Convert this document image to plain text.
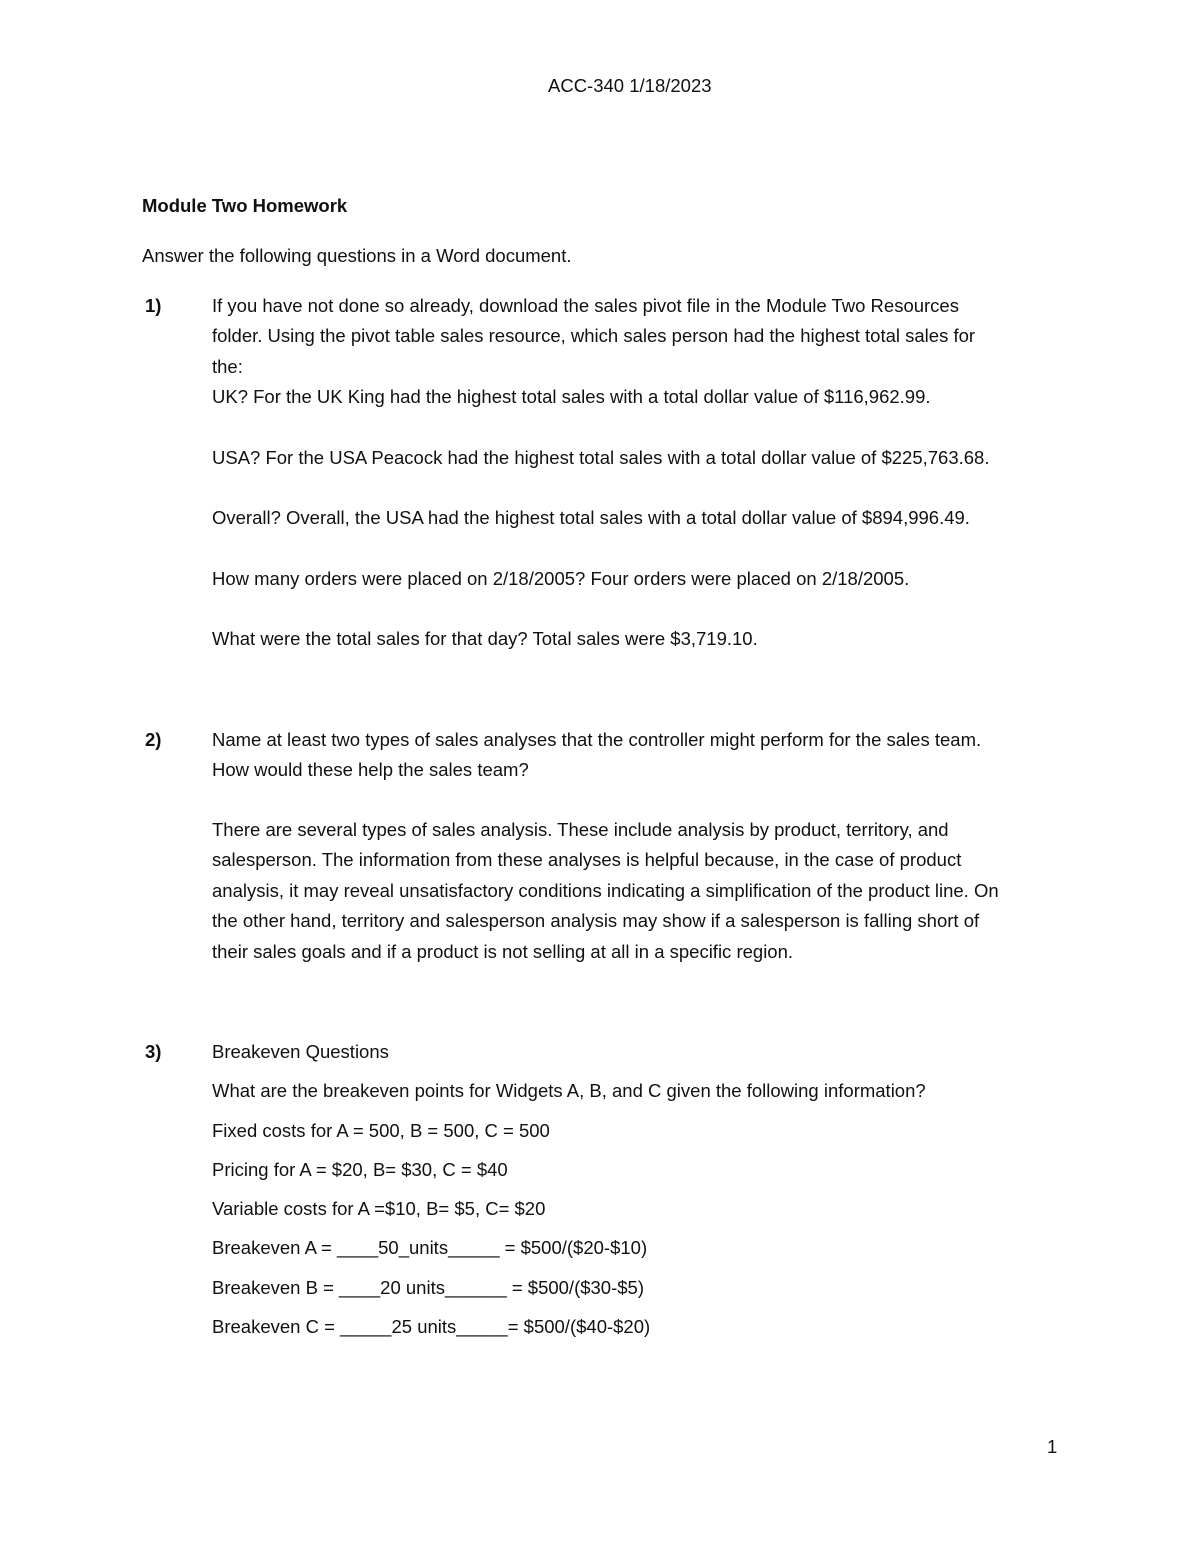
ACC-340 1/18/2023
Module Two Homework
Answer the following questions in a Word document.
1)	If you have not done so already, download the sales pivot file in the Module Two Resources
folder. Using the pivot table sales resource, which sales person had the highest total sales for
the:
UK? For the UK King had the highest total sales with a total dollar value of $116,962.99.
USA? For the USA Peacock had the highest total sales with a total dollar value of $225,763.68.
Overall? Overall, the USA had the highest total sales with a total dollar value of $894,996.49.
How many orders were placed on 2/18/2005? Four orders were placed on 2/18/2005.
What were the total sales for that day? Total sales were $3,719.10.
2)	Name at least two types of sales analyses that the controller might perform for the sales team.
How would these help the sales team?
There are several types of sales analysis. These include analysis by product, territory, and
salesperson. The information from these analyses is helpful because, in the case of product
analysis, it may reveal unsatisfactory conditions indicating a simplification of the product line. On
the other hand, territory and salesperson analysis may show if a salesperson is falling short of
their sales goals and if a product is not selling at all in a specific region.
3)	Breakeven Questions
What are the breakeven points for Widgets A, B, and C given the following information?
Fixed costs for A = 500, B = 500, C = 500
Pricing for A = $20, B= $30, C = $40
Variable costs for A =$10, B= $5, C= $20
Breakeven A = ____50_units_____ = $500/($20-$10)
Breakeven B = ____20 units______ = $500/($30-$5)
Breakeven C = _____25 units_____= $500/($40-$20)
1
